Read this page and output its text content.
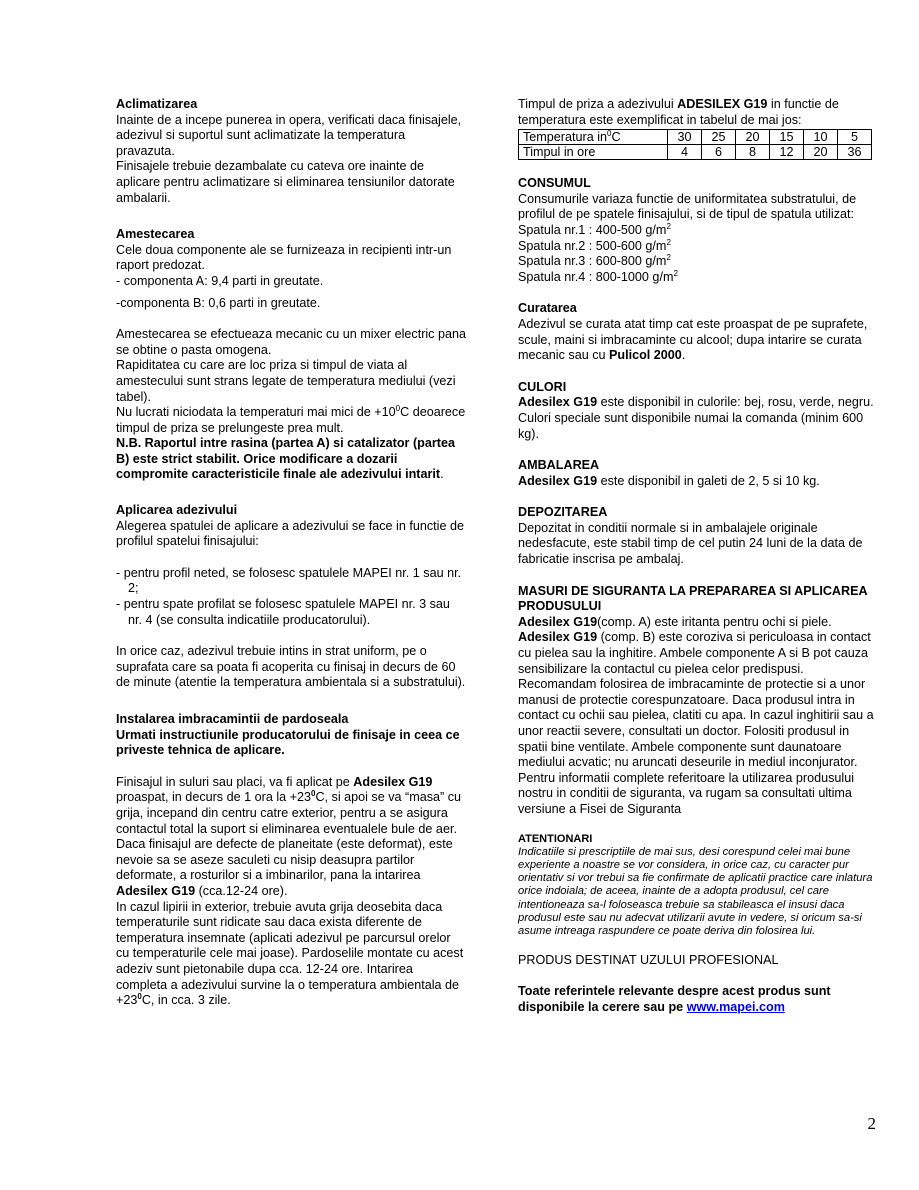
Aclimatizarea

Inainte de a incepe punerea in opera, verificati daca finisajele, adezivul si suportul sunt aclimatizate la temperatura pravazuta.

Finisajele trebuie dezambalate cu cateva ore inainte de aplicare pentru aclimatizare si eliminarea tensiunilor datorate ambalarii.

Amestecarea

Cele doua componente ale se furnizeaza in recipienti intr-un raport predozat.

- componenta A: 9,4 parti in greutate.

-componenta B: 0,6 parti in greutate.

Amestecarea se efectueaza mecanic cu un mixer electric pana se obtine o pasta omogena.

Rapiditatea cu care are loc priza si timpul de viata al amestecului sunt strans legate de temperatura mediului (vezi tabel).

Nu lucrati niciodata la temperaturi mai mici de $+10^0C$ deoarece timpul de priza se prelungeste prea mult.

N.B. Raportul intre rasina (partea A) si catalizator (partea B) este strict stabilit. Orice modificare a dozarii compromite caracteristicile finale ale adezivului intarit.

Aplicarea adezivului

Alegerea spatulei de aplicare a adezivului se face in functie de profilul spatelui finisajului:

- pentru profil neted, se folosesc spatulele MAPEI nr. 1 sau nr. 2;

- pentru spate profilat se folosesc spatulele MAPEI nr. 3 sau nr. 4 (se consulta indicatiile producatorului).

In orice caz, adezivul trebuie intins in strat uniform, pe o suprafata care sa poata fi acoperita cu finisaj in decurs de 60 de minute (atentie la temperatura ambientala si a substratului).

Instalarea imbracamintii de pardoseala

Urmati instructiunile producatorului de finisaje in ceea ce priveste tehnica de aplicare.

Finisajul in suluri sau placi, va fi aplicat pe Adesilex G19 proaspat, in decurs de 1 ora la $+23^0C$, si apoi se va “masa” cu grija, incepand din centru catre exterior, pentru a se asigura contactul total la suport si eliminarea eventualele bule de aer.

Daca finisajul are defecte de planeitate (este deformat), este nevoie sa se aseze saculeti cu nisip deasupra partilor deformate, a rosturilor si a imbinarilor, pana la intarirea Adesilex G19 (cca.12-24 ore).

In cazul lipirii in exterior, trebuie avuta grija deosebita daca temperaturile sunt ridicate sau daca exista diferente de temperatura insemnate (aplicati adezivul pe parcursul orelor cu temperaturile cele mai joase). Pardoselile montate cu acest adeziv sunt pietonabile dupa cca. 12-24 ore. Intarirea completa a adezivului survine la o temperatura ambientala de $+23^0C$, in cca. 3 zile.

Timpul de priza a adezivului ADESILEX G19 in functie de temperatura este exemplificat in tabelul de mai jos:

Temperatura $in^0C$	30	25	20	15	10	5
Timpul in ore	4	6	8	12	20	36
CONSUMUL

Consumurile variaza functie de uniformitatea substratului, de profilul de pe spatele finisajului, si de tipul de spatula utilizat:

Spatula nr.1 : 400-500 $g/m^2$

Spatula nr.2 : 500-600 $g/m^2$

Spatula nr.3 : 600-800 $g/m^2$

Spatula nr.4 : 800-1000 $g/m^2$

Curatarea

Adezivul se curata atat timp cat este proaspat de pe suprafete, scule, maini si imbracaminte cu alcool; dupa intarire se curata mecanic sau cu Pulicol 2000.

CULORI

Adesilex G19 este disponibil in culorile: bej, rosu, verde, negru. Culori speciale sunt disponibile numai la comanda (minim 600 kg).

AMBALAREA

Adesilex G19 este disponibil in galeti de 2, 5 si 10 kg.

DEPOZITAREA

Depozitat in conditii normale si in ambalajele originale nedesfacute, este stabil timp de cel putin 24 luni de la data de fabricatie inscrisa pe ambalaj.

MASURI DE SIGURANTA LA PREPARAREA SI APLICAREA PRODUSULUI

Adesilex G19(comp. A) este iritanta pentru ochi si piele.

Adesilex G19 (comp. B) este coroziva si periculoasa in contact cu pielea sau la inghitire. Ambele componente A si B pot cauza sensibilizare la contactul cu pielea celor predispusi. Recomandam folosirea de imbracaminte de protectie si a unor manusi de protectie corespunzatoare. Daca produsul intra in contact cu ochii sau pielea, clatiti cu apa. In cazul inghitirii sau a unor reactii severe, consultati un doctor. Folositi produsul in spatii bine ventilate. Ambele componente sunt daunatoare mediului acvatic; nu aruncati deseurile in mediul inconjurator. Pentru informatii complete referitoare la utilizarea produsului nostru in conditii de siguranta, va rugam sa consultati ultima versiune a Fisei de Siguranta

ATENTIONARI

Indicatiile si prescriptiile de mai sus, desi corespund celei mai bune experiente a noastre se vor considera, in orice caz, cu caracter pur orientativ si vor trebui sa fie confirmate de aplicatii practice care inlatura orice indoiala; de aceea, inainte de a adopta produsul, cel care intentioneaza sa-l foloseasca trebuie sa stabileasca el insusi daca produsul este sau nu adecvat utilizarii avute in vedere, si oricum sa-si asume intreaga raspundere ce poate deriva din folosirea lui.

PRODUS DESTINAT UZULUI PROFESIONAL

Toate referintele relevante despre acest produs sunt disponibile la cerere sau pe www.mapei.com

2
